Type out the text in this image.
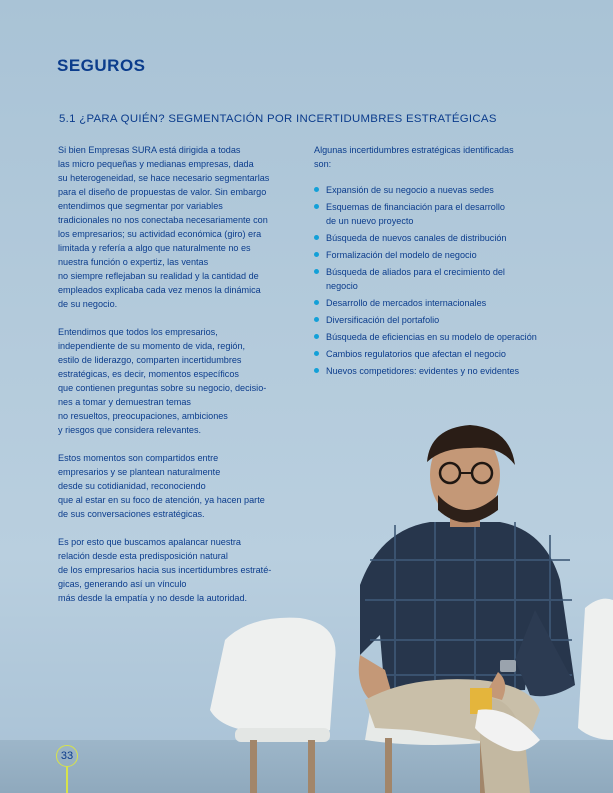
SEGUROS
5.1 ¿PARA QUIÉN? SEGMENTACIÓN POR INCERTIDUMBRES ESTRATÉGICAS
Si bien Empresas SURA está dirigida a todas
las micro pequeñas y medianas empresas, dada
su heterogeneidad, se hace necesario segmentarlas
para el diseño de propuestas de valor. Sin embargo
entendimos que segmentar por variables
tradicionales no nos conectaba necesariamente con
los empresarios; su actividad económica (giro) era
limitada y refería a algo que naturalmente no es
nuestra función o expertiz, las ventas
no siempre reflejaban su realidad y la cantidad de
empleados explicaba cada vez menos la dinámica
de su negocio.
Entendimos que todos los empresarios,
independiente de su momento de vida, región,
estilo de liderazgo, comparten incertidumbres
estratégicas, es decir, momentos específicos
que contienen preguntas sobre su negocio, decisio-
nes a tomar y demuestran temas
no resueltos, preocupaciones, ambiciones
y riesgos que considera relevantes.
Estos momentos son compartidos entre
empresarios y se plantean naturalmente
desde su cotidianidad, reconociendo
que al estar en su foco de atención, ya hacen parte
de sus conversaciones estratégicas.
Es por esto que buscamos apalancar nuestra
relación desde esta predisposición natural
de los empresarios hacia sus incertidumbres estraté-
gicas, generando así un vínculo
más desde la empatía y no desde la autoridad.
Algunas incertidumbres estratégicas identificadas
son:
Expansión de su negocio a nuevas sedes
Esquemas de financiación para el desarrollo
de un nuevo proyecto
Búsqueda de nuevos canales de distribución
Formalización del modelo de negocio
Búsqueda de aliados para el crecimiento del
negocio
Desarrollo de mercados internacionales
Diversificación del portafolio
Búsqueda de eficiencias en su modelo de operación
Cambios regulatorios que afectan el negocio
Nuevos competidores: evidentes y no evidentes
33
